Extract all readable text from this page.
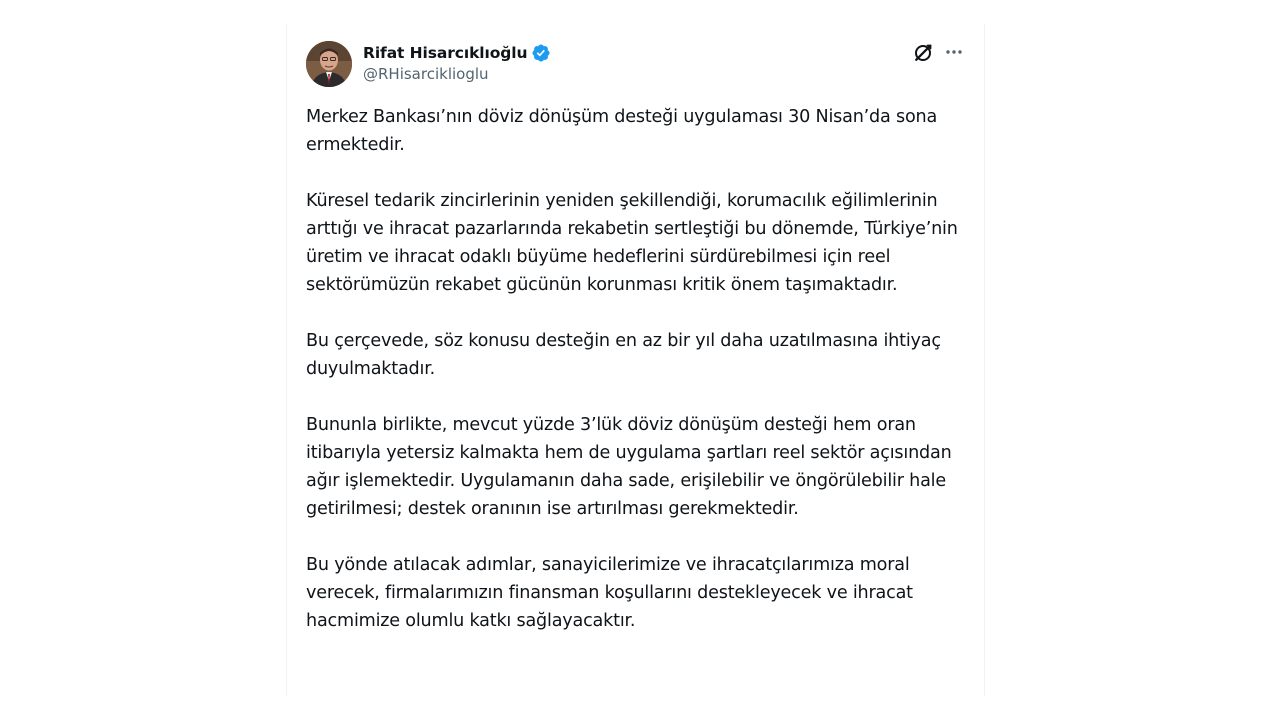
Rifat Hisarcıklıoğlu
@RHisarciklioglu

Merkez Bankası’nın döviz dönüşüm desteği uygulaması 30 Nisan’da sona ermektedir.

Küresel tedarik zincirlerinin yeniden şekillendiği, korumacılık eğilimlerinin arttığı ve ihracat pazarlarında rekabetin sertleştiği bu dönemde, Türkiye’nin üretim ve ihracat odaklı büyüme hedeflerini sürdürebilmesi için reel sektörümüzün rekabet gücünün korunması kritik önem taşımaktadır.

Bu çerçevede, söz konusu desteğin en az bir yıl daha uzatılmasına ihtiyaç duyulmaktadır.

Bununla birlikte, mevcut yüzde 3’lük döviz dönüşüm desteği hem oran itibarıyla yetersiz kalmakta hem de uygulama şartları reel sektör açısından ağır işlemektedir. Uygulamanın daha sade, erişilebilir ve öngörülebilir hale getirilmesi; destek oranının ise artırılması gerekmektedir.

Bu yönde atılacak adımlar, sanayicilerimize ve ihracatçılarımıza moral verecek, firmalarımızın finansman koşullarını destekleyecek ve ihracat hacmimize olumlu katkı sağlayacaktır.
